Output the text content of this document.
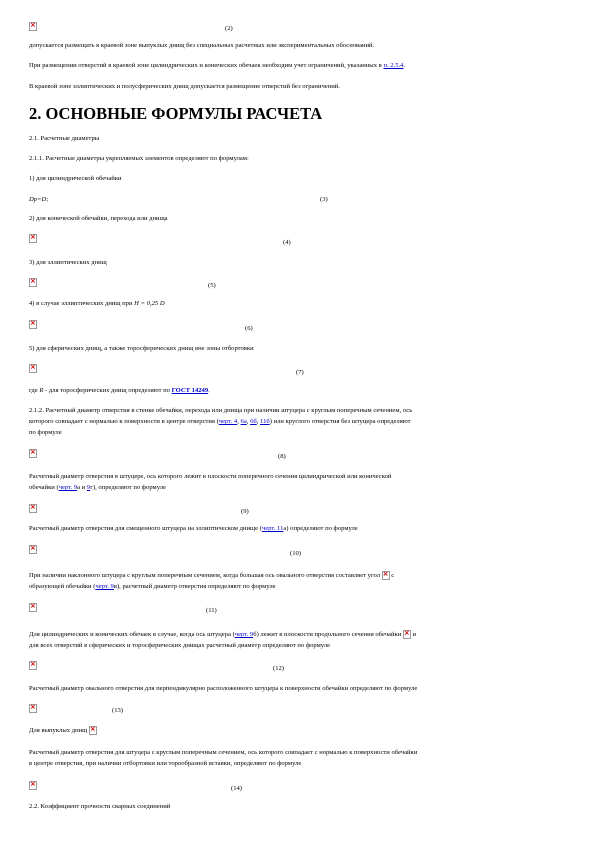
×
(2)
допускается размещать в краевой зоне выпуклых днищ без специальных расчетных или экспериментальных обоснований.
При размещении отверстий в краевой зоне цилиндрических и конических обечаек необходим учет ограничений, указанных в п. 2.5.4.
В краевой зоне эллиптических и полусферических днищ допускается размещение отверстий без ограничений.
2. ОСНОВНЫЕ ФОРМУЛЫ РАСЧЕТА
2.1. Расчетные диаметры
2.1.1. Расчетные диаметры укрепляемых элементов определяют по формулам:
1) для цилиндрической обечайки
Dp=D;	(3)
2) для конической обечайки, перехода или днища
×
(4)
3) для эллиптических днищ
×
(5)
4) в случае эллиптических днищ при H = 0,25 D
×
(6)
5) для сферических днищ, а также торосферических днищ вне зоны отбортовки
×
(7)
где R - для торосферических днищ определяют по ГОСТ 14249.
2.1.2. Расчетный диаметр отверстия в стенке обечайки, перехода или днища при наличии штуцера с круглым поперечным сечением, ось
которого совпадает с нормалью к поверхности в центре отверстия (черт. 4, 6а, 6б, 11б) или круглого отверстия без штуцера определяют
по формуле
×
(8)
Расчетный диаметр отверстия в штуцере, ось которого лежит в плоскости поперечного сечения цилиндрической или конической
обечайки (черт. 9а и 9г), определяют по формуле
×
(9)
Расчетный диаметр отверстия для смещенного штуцера на эллиптическом днище (черт. 11а) определяют по формуле
×
(10)
При наличии наклонного штуцера с круглым поперечным сечением, когда большая ось овального отверстия составляет угол × с
образующей обечайки (черт. 9в), расчетный диаметр отверстия определяют по формуле
×
(11)
Для цилиндрических и конических обечаек в случае, когда ось штуцера (черт. 9б) лежит в плоскости продольного сечения обечайки × и
для всех отверстий в сферических и торосферических днищах расчетный диаметр определяют по формуле
×
(12)
Расчетный диаметр овального отверстия для перпендикулярно расположенного штуцера к поверхности обечайки определяют по формуле
×
(13)
Для выпуклых днищ ×
Расчетный диаметр отверстия для штуцера с круглым поперечным сечением, ось которого совпадает с нормалью к поверхности обечайки
в центре отверстия, при наличии отбортовки или торообразной вставки, определяют по формуле
×
(14)
2.2. Коэффициент прочности сварных соединений
